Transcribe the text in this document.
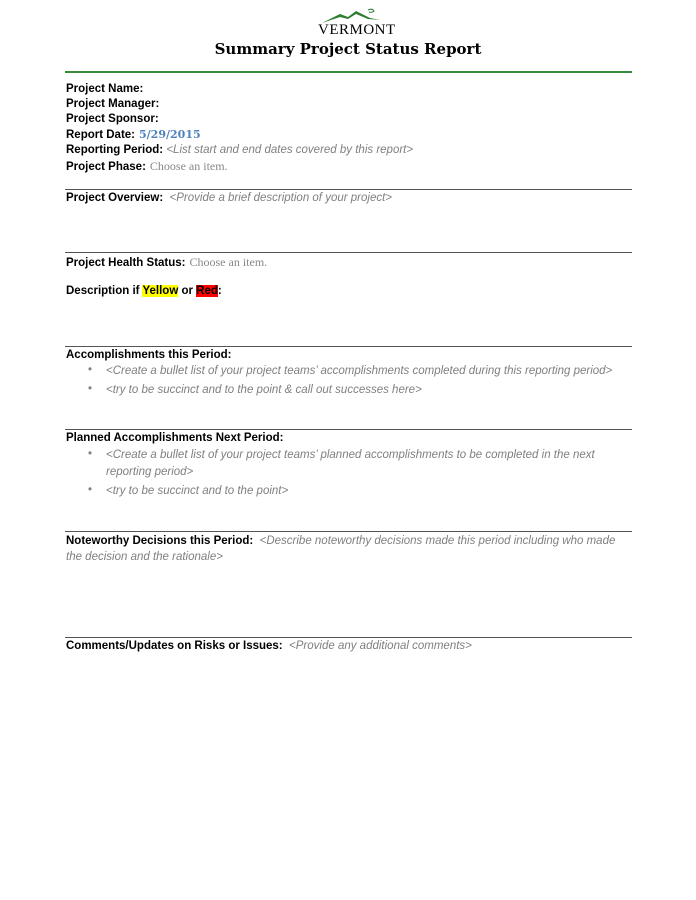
VERMONT
Summary Project Status Report
Project Name:
Project Manager:
Project Sponsor:
Report Date: 5/29/2015
Reporting Period: <List start and end dates covered by this report>
Project Phase: Choose an item.
Project Overview: <Provide a brief description of your project>
Project Health Status: Choose an item.
Description if Yellow or Red:
Accomplishments this Period:
• <Create a bullet list of your project teams’ accomplishments completed during this reporting period>
• <try to be succinct and to the point & call out successes here>
Planned Accomplishments Next Period:
• <Create a bullet list of your project teams’ planned accomplishments to be completed in the next reporting period>
• <try to be succinct and to the point>
Noteworthy Decisions this Period: <Describe noteworthy decisions made this period including who made the decision and the rationale>
Comments/Updates on Risks or Issues: <Provide any additional comments>
